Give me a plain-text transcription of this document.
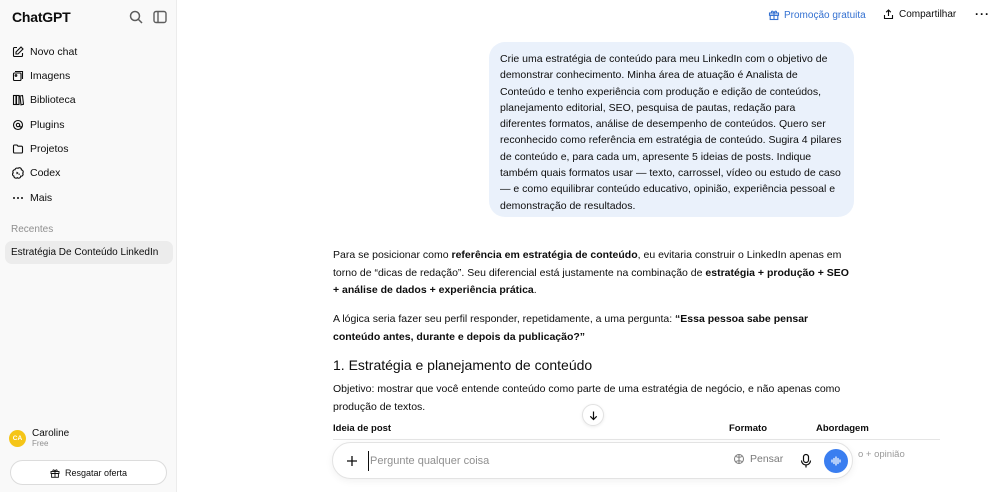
ChatGPT
Novo chat
Imagens
Biblioteca
Plugins
Projetos
Codex
Mais
Recentes
Estratégia De Conteúdo LinkedIn
CA Caroline
Free
Resgatar oferta
Promoção gratuita	Compartilhar ···
Crie uma estratégia de conteúdo para meu LinkedIn com o objetivo de demonstrar conhecimento. Minha área de atuação é Analista de Conteúdo e tenho experiência com produção e edição de conteúdos, planejamento editorial, SEO, pesquisa de pautas, redação para diferentes formatos, análise de desempenho de conteúdos. Quero ser reconhecido como referência em estratégia de conteúdo. Sugira 4 pilares de conteúdo e, para cada um, apresente 5 ideias de posts. Indique também quais formatos usar — texto, carrossel, vídeo ou estudo de caso — e como equilibrar conteúdo educativo, opinião, experiência pessoal e demonstração de resultados.
Para se posicionar como referência em estratégia de conteúdo, eu evitaria construir o LinkedIn apenas em torno de “dicas de redação”. Seu diferencial está justamente na combinação de estratégia + produção + SEO + análise de dados + experiência prática.
A lógica seria fazer seu perfil responder, repetidamente, a uma pergunta: “Essa pessoa sabe pensar conteúdo antes, durante e depois da publicação?”
1. Estratégia e planejamento de conteúdo
Objetivo: mostrar que você entende conteúdo como parte de uma estratégia de negócio, e não apenas como produção de textos.
Ideia de post	Formato	Abordagem
o + opinião
Pergunte qualquer coisa
Pensar
